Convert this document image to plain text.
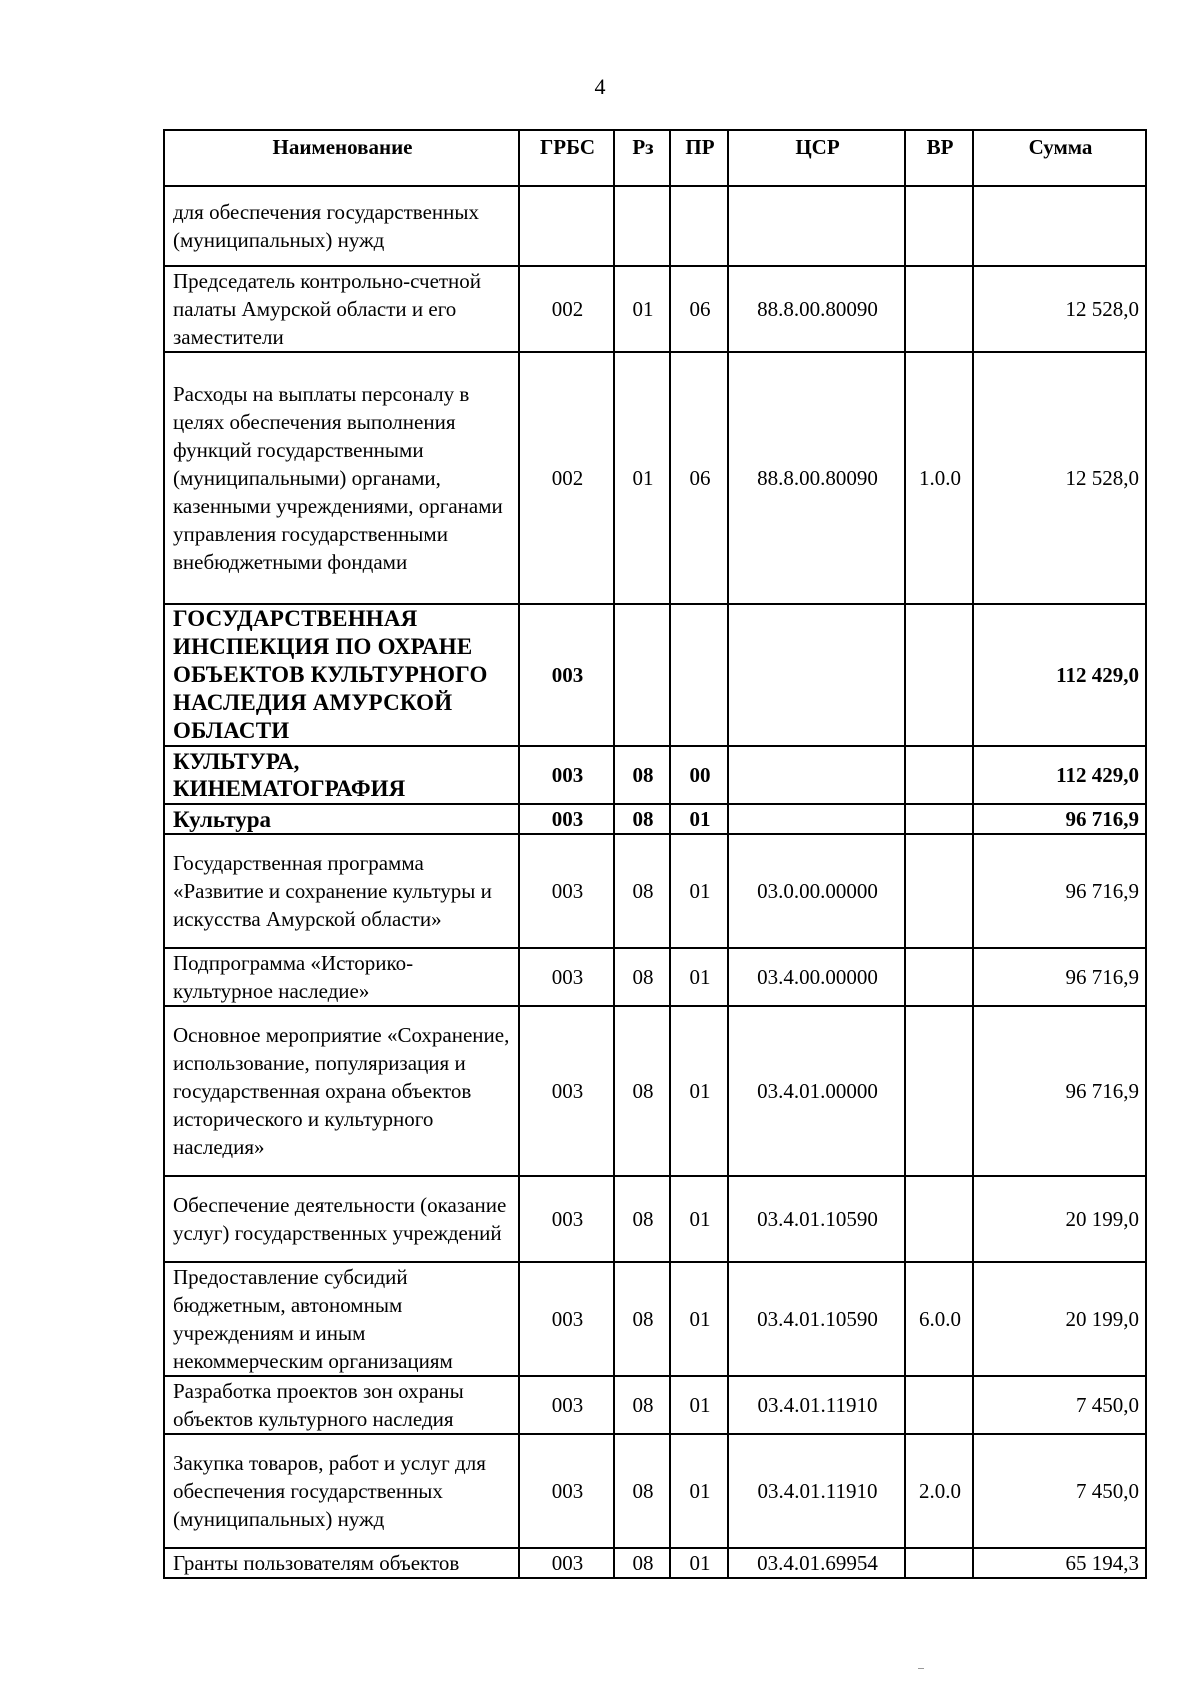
4
Наименование	ГРБС	Рз	ПР	ЦСР	ВР	Сумма
для обеспечения государственных (муниципальных) нужд						
Председатель контрольно-счетной палаты Амурской области и его заместители	002	01	06	88.8.00.80090		12 528,0
Расходы на выплаты персоналу в целях обеспечения выполнения функций государственными (муниципальными) органами, казенными учреждениями, органами управления государственными внебюджетными фондами	002	01	06	88.8.00.80090	1.0.0	12 528,0
ГОСУДАРСТВЕННАЯ ИНСПЕКЦИЯ ПО ОХРАНЕ ОБЪЕКТОВ КУЛЬТУРНОГО НАСЛЕДИЯ АМУРСКОЙ ОБЛАСТИ	003					112 429,0
КУЛЬТУРА, КИНЕМАТОГРАФИЯ	003	08	00			112 429,0
Культура	003	08	01			96 716,9
Государственная программа «Развитие и сохранение культуры и искусства Амурской области»	003	08	01	03.0.00.00000		96 716,9
Подпрограмма «Историко-культурное наследие»	003	08	01	03.4.00.00000		96 716,9
Основное мероприятие «Сохранение, использование, популяризация и государственная охрана объектов исторического и культурного наследия»	003	08	01	03.4.01.00000		96 716,9
Обеспечение деятельности (оказание услуг) государственных учреждений	003	08	01	03.4.01.10590		20 199,0
Предоставление субсидий бюджетным, автономным учреждениям и иным некоммерческим организациям	003	08	01	03.4.01.10590	6.0.0	20 199,0
Разработка проектов зон охраны объектов культурного наследия	003	08	01	03.4.01.11910		7 450,0
Закупка товаров, работ и услуг для обеспечения государственных (муниципальных) нужд	003	08	01	03.4.01.11910	2.0.0	7 450,0
Гранты пользователям объектов	003	08	01	03.4.01.69954		65 194,3
